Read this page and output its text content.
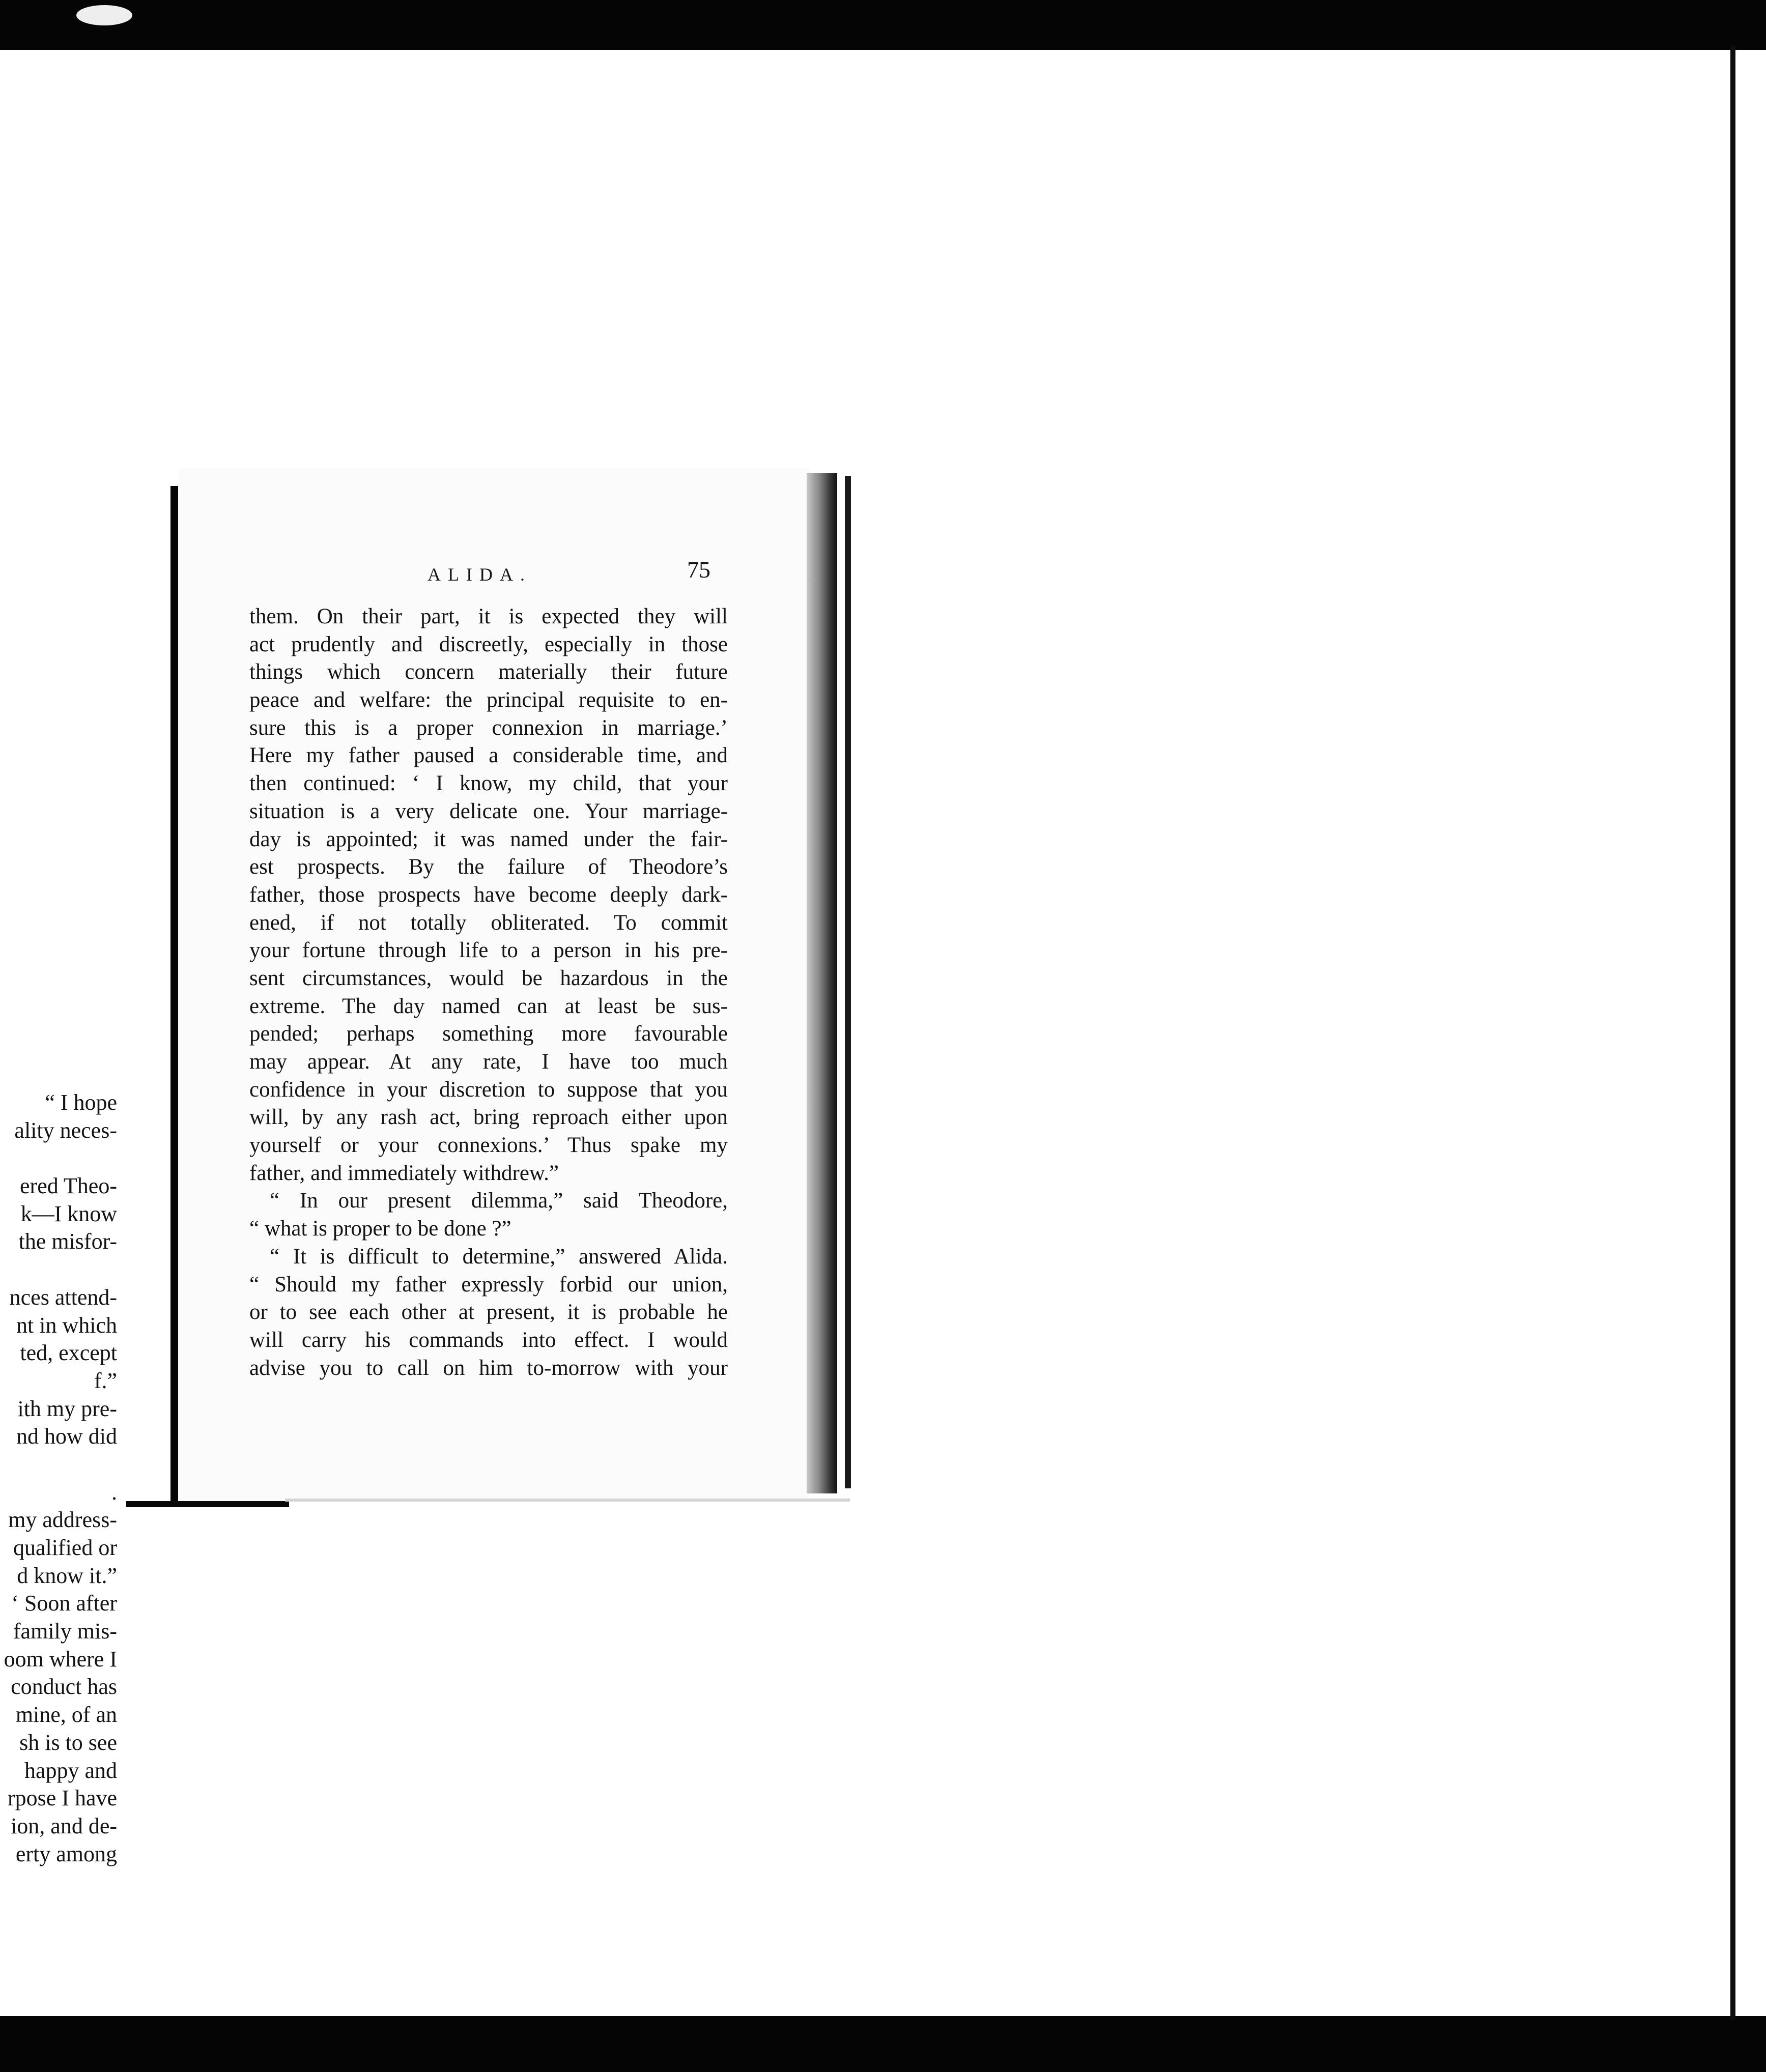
“ I hope
ality neces-
ered Theo-
k—I know
the misfor-
nces attend-
nt in which
ted, except
f.”
ith my pre-
nd how did
.
my address-
qualified or
d know it.”
‘ Soon after
family mis-
oom where I
conduct has
mine, of an
sh is to see
happy and
rpose I have
ion, and de-
erty among
ALIDA.	75
them. On their part, it is expected they will
act prudently and discreetly, especially in those
things which concern materially their future
peace and welfare: the principal requisite to en-
sure this is a proper connexion in marriage.’
Here my father paused a considerable time, and
then continued: ‘ I know, my child, that your
situation is a very delicate one. Your marriage-
day is appointed; it was named under the fair-
est prospects. By the failure of Theodore’s
father, those prospects have become deeply dark-
ened, if not totally obliterated. To commit
your fortune through life to a person in his pre-
sent circumstances, would be hazardous in the
extreme. The day named can at least be sus-
pended; perhaps something more favourable
may appear. At any rate, I have too much
confidence in your discretion to suppose that you
will, by any rash act, bring reproach either upon
yourself or your connexions.’ Thus spake my
father, and immediately withdrew.”
“ In our present dilemma,” said Theodore,
“ what is proper to be done ?”
“ It is difficult to determine,” answered Alida.
“ Should my father expressly forbid our union,
or to see each other at present, it is probable he
will carry his commands into effect. I would
advise you to call on him to-morrow with your
